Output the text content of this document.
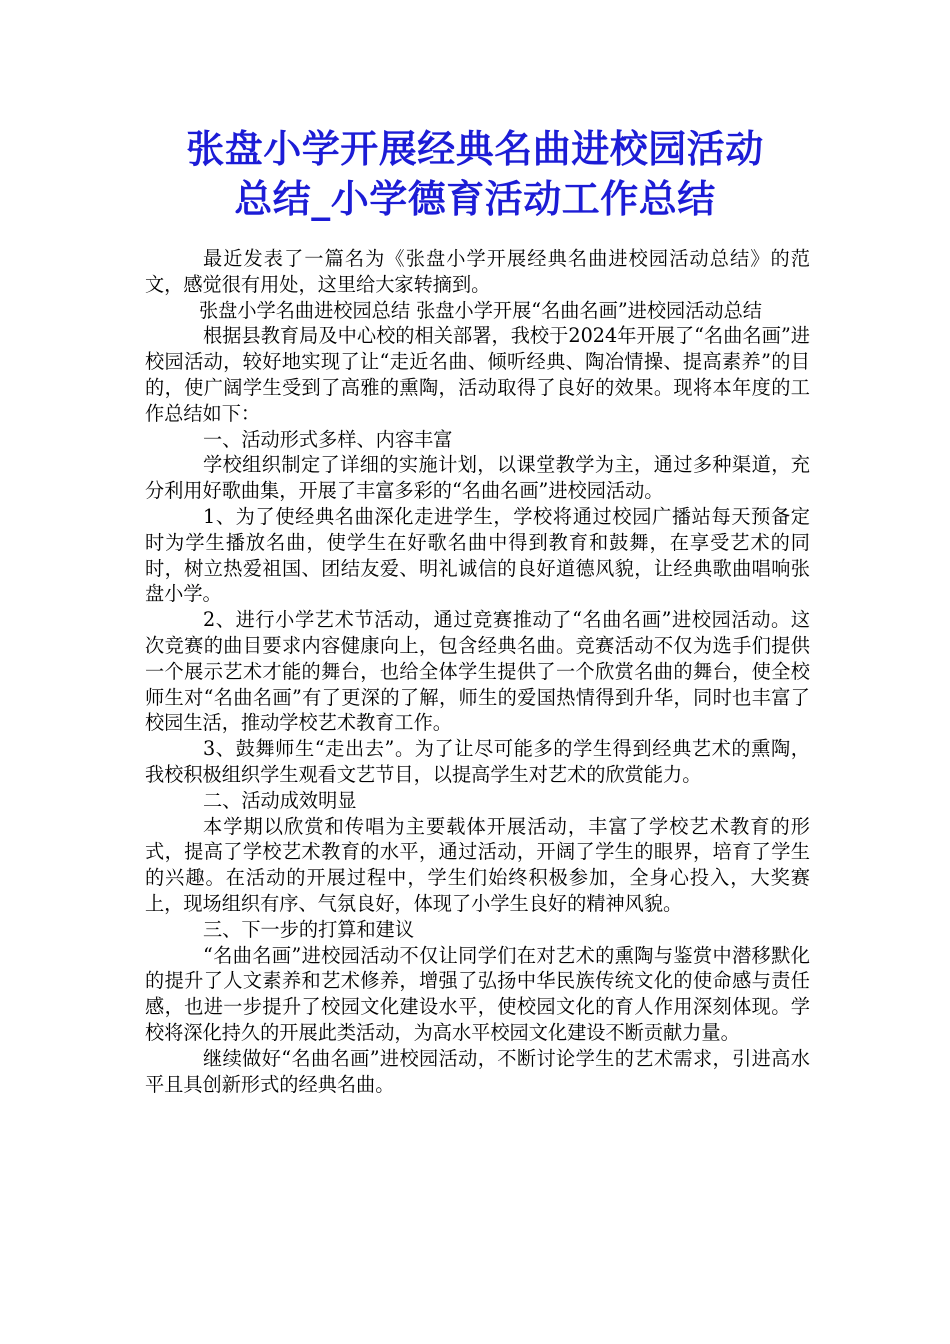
张盘小学开展经典名曲进校园活动
总结_小学德育活动工作总结

最近发表了一篇名为《张盘小学开展经典名曲进校园活动总结》的范文，感觉很有用处，这里给大家转摘到。

张盘小学名曲进校园总结 张盘小学开展“名曲名画”进校园活动总结

根据县教育局及中心校的相关部署，我校于2024年开展了“名曲名画”进校园活动，较好地实现了让“走近名曲、倾听经典、陶冶情操、提高素养”的目的，使广阔学生受到了高雅的熏陶，活动取得了良好的效果。现将本年度的工作总结如下：

一、活动形式多样、内容丰富

学校组织制定了详细的实施计划，以课堂教学为主，通过多种渠道，充分利用好歌曲集，开展了丰富多彩的“名曲名画”进校园活动。

1、为了使经典名曲深化走进学生，学校将通过校园广播站每天预备定时为学生播放名曲，使学生在好歌名曲中得到教育和鼓舞，在享受艺术的同时，树立热爱祖国、团结友爱、明礼诚信的良好道德风貌，让经典歌曲唱响张盘小学。

2、进行小学艺术节活动，通过竞赛推动了“名曲名画”进校园活动。这次竞赛的曲目要求内容健康向上，包含经典名曲。竞赛活动不仅为选手们提供一个展示艺术才能的舞台，也给全体学生提供了一个欣赏名曲的舞台，使全校师生对“名曲名画”有了更深的了解，师生的爱国热情得到升华，同时也丰富了校园生活，推动学校艺术教育工作。

3、鼓舞师生“走出去”。为了让尽可能多的学生得到经典艺术的熏陶，我校积极组织学生观看文艺节目，以提高学生对艺术的欣赏能力。

二、活动成效明显

本学期以欣赏和传唱为主要载体开展活动，丰富了学校艺术教育的形式，提高了学校艺术教育的水平，通过活动，开阔了学生的眼界，培育了学生的兴趣。在活动的开展过程中，学生们始终积极参加，全身心投入，大奖赛上，现场组织有序、气氛良好，体现了小学生良好的精神风貌。

三、下一步的打算和建议

“名曲名画”进校园活动不仅让同学们在对艺术的熏陶与鉴赏中潜移默化的提升了人文素养和艺术修养，增强了弘扬中华民族传统文化的使命感与责任感，也进一步提升了校园文化建设水平，使校园文化的育人作用深刻体现。学校将深化持久的开展此类活动，为高水平校园文化建设不断贡献力量。

继续做好“名曲名画”进校园活动，不断讨论学生的艺术需求，引进高水平且具创新形式的经典名曲。
